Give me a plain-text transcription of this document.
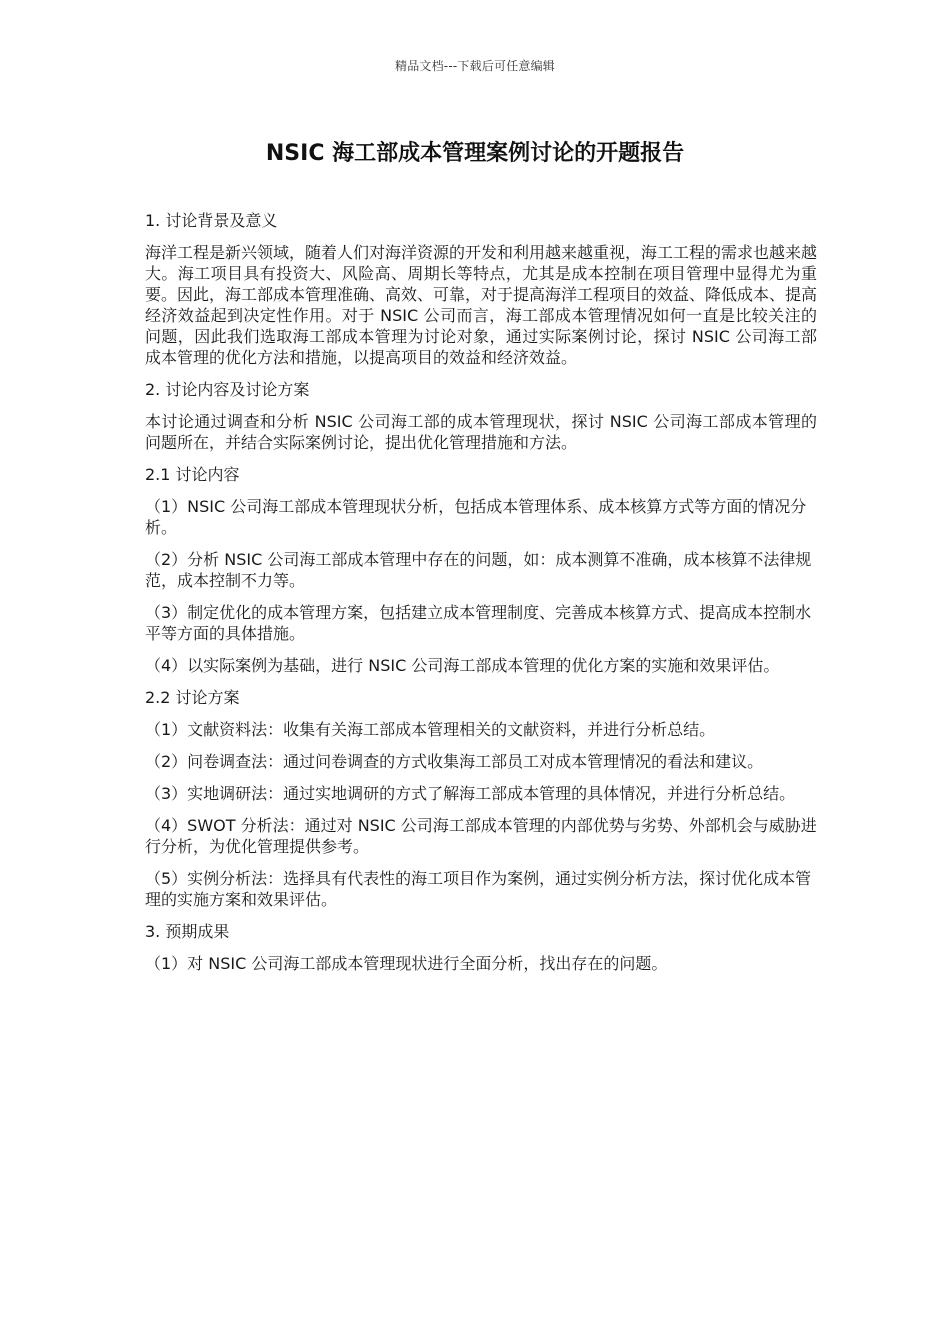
精品文档---下载后可任意编辑
NSIC 海工部成本管理案例讨论的开题报告
1. 讨论背景及意义
海洋工程是新兴领域，随着人们对海洋资源的开发和利用越来越重视，海工工程的需求也越来越大。海工项目具有投资大、风险高、周期长等特点，尤其是成本控制在项目管理中显得尤为重要。因此，海工部成本管理准确、高效、可靠，对于提高海洋工程项目的效益、降低成本、提高经济效益起到决定性作用。对于 NSIC 公司而言，海工部成本管理情况如何一直是比较关注的问题，因此我们选取海工部成本管理为讨论对象，通过实际案例讨论，探讨 NSIC 公司海工部成本管理的优化方法和措施，以提高项目的效益和经济效益。
2. 讨论内容及讨论方案
本讨论通过调查和分析 NSIC 公司海工部的成本管理现状，探讨 NSIC 公司海工部成本管理的问题所在，并结合实际案例讨论，提出优化管理措施和方法。
2.1 讨论内容
（1）NSIC 公司海工部成本管理现状分析，包括成本管理体系、成本核算方式等方面的情况分析。
（2）分析 NSIC 公司海工部成本管理中存在的问题，如：成本测算不准确，成本核算不法律规范，成本控制不力等。
（3）制定优化的成本管理方案，包括建立成本管理制度、完善成本核算方式、提高成本控制水平等方面的具体措施。
（4）以实际案例为基础，进行 NSIC 公司海工部成本管理的优化方案的实施和效果评估。
2.2 讨论方案
（1）文献资料法：收集有关海工部成本管理相关的文献资料，并进行分析总结。
（2）问卷调查法：通过问卷调查的方式收集海工部员工对成本管理情况的看法和建议。
（3）实地调研法：通过实地调研的方式了解海工部成本管理的具体情况，并进行分析总结。
（4）SWOT 分析法：通过对 NSIC 公司海工部成本管理的内部优势与劣势、外部机会与威胁进行分析，为优化管理提供参考。
（5）实例分析法：选择具有代表性的海工项目作为案例，通过实例分析方法，探讨优化成本管理的实施方案和效果评估。
3. 预期成果
（1）对 NSIC 公司海工部成本管理现状进行全面分析，找出存在的问题。
